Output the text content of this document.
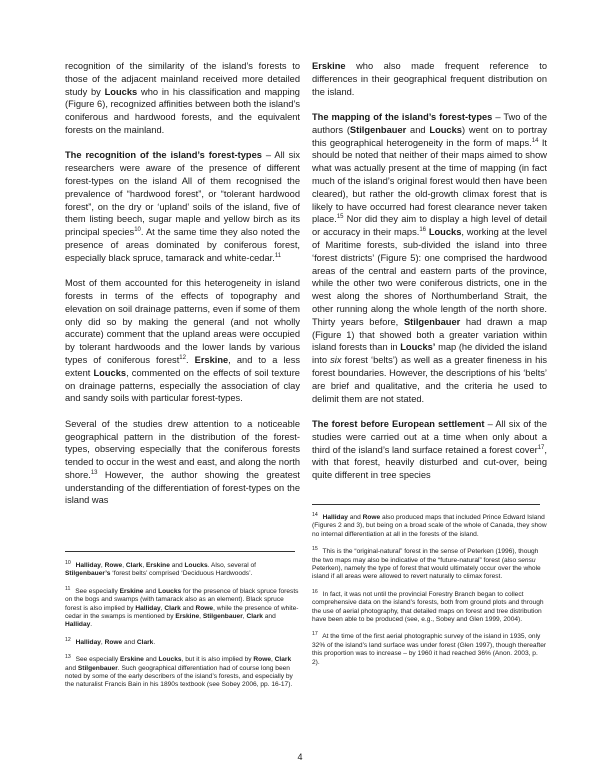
recognition of the similarity of the island’s forests to those of the adjacent mainland received more detailed study by Loucks who in his classification and mapping (Figure 6), recognized affinities between both the island’s coniferous and hardwood forests, and the equivalent forests on the mainland.

The recognition of the island’s forest-types – All six researchers were aware of the presence of different forest-types on the island All of them recognised the prevalence of “hardwood forest”, or “tolerant hardwood forest”, on the dry or ‘upland’ soils of the island, five of them listing beech, sugar maple and yellow birch as its principal species$^{10}$. At the same time they also noted the presence of areas dominated by coniferous forest, especially black spruce, tamarack and white-cedar.$^{11}$

Most of them accounted for this heterogeneity in island forests in terms of the effects of topography and elevation on soil drainage patterns, even if some of them only did so by making the general (and not wholly accurate) comment that the upland areas were occupied by tolerant hardwoods and the lower lands by various types of coniferous forest$^{12}$. Erskine, and to a less extent Loucks, commented on the effects of soil texture on drainage patterns, especially the association of clay and sandy soils with particular forest-types.

Several of the studies drew attention to a noticeable geographical pattern in the distribution of the forest-types, observing especially that the coniferous forests tended to occur in the west and east, and along the north shore.$^{13}$ However, the author showing the greatest understanding of the differentiation of forest-types on the island was

Erskine who also made frequent reference to differences in their geographical frequent distribution on the island.

The mapping of the island’s forest-types – Two of the authors (Stilgenbauer and Loucks) went on to portray this geographical heterogeneity in the form of maps.$^{14}$ It should be noted that neither of their maps aimed to show what was actually present at the time of mapping (in fact much of the island’s original forest would then have been cleared), but rather the old-growth climax forest that is likely to have occurred had forest clearance never taken place.$^{15}$ Nor did they aim to display a high level of detail or accuracy in their maps.$^{16}$ Loucks, working at the level of Maritime forests, sub-divided the island into three ‘forest districts’ (Figure 5): one comprised the hardwood areas of the central and eastern parts of the province, while the other two were coniferous districts, one in the west along the shores of Northumberland Strait, the other running along the whole length of the north shore. Thirty years before, Stilgenbauer had drawn a map (Figure 1) that showed both a greater variation within island forests than in Loucks’ map (he divided the island into six forest ‘belts’) as well as a greater fineness in his forest boundaries. However, the descriptions of his ‘belts’ are brief and qualitative, and the criteria he used to delimit them are not stated.

The forest before European settlement – All six of the studies were carried out at a time when only about a third of the island’s land surface retained a forest cover$^{17}$, with that forest, heavily disturbed and cut-over, being quite different in tree species

$^{10}$ Halliday, Rowe, Clark, Erskine and Loucks. Also, several of Stilgenbauer’s ‘forest belts’ comprised ‘Deciduous Hardwoods’.
$^{11}$ See especially Erskine and Loucks for the presence of black spruce forests on the bogs and swamps (with tamarack also as an element). Black spruce forest is also implied by Halliday, Clark and Rowe, while the presence of white-cedar in the swamps is mentioned by Erskine, Stilgenbauer, Clark and Halliday.
$^{12}$ Halliday, Rowe and Clark.
$^{13}$ See especially Erskine and Loucks, but it is also implied by Rowe, Clark and Stilgenbauer. Such geographical differentiation had of course long been noted by some of the early describers of the island’s forests, and especially by the naturalist Francis Bain in his 1890s textbook (see Sobey 2006, pp. 16-17).
$^{14}$ Halliday and Rowe also produced maps that included Prince Edward Island (Figures 2 and 3), but being on a broad scale of the whole of Canada, they show no internal differentiation at all in the forests of the island.
$^{15}$ This is the “original-natural” forest in the sense of Peterken (1996), though the two maps may also be indicative of the “future-natural” forest (also sensu Peterken), namely the type of forest that would ultimately occur over the whole island if all areas were allowed to revert naturally to climax forest.
$^{16}$ In fact, it was not until the provincial Forestry Branch began to collect comprehensive data on the island’s forests, both from ground plots and through the use of aerial photography, that detailed maps on forest and tree distribution have been able to be produced (see, e.g., Sobey and Glen 1999, 2004).
$^{17}$ At the time of the first aerial photographic survey of the island in 1935, only 32% of the island’s land surface was under forest (Glen 1997), though thereafter this proportion was to increase – by 1960 it had reached 36% (Anon. 2003, p. 2).
4
